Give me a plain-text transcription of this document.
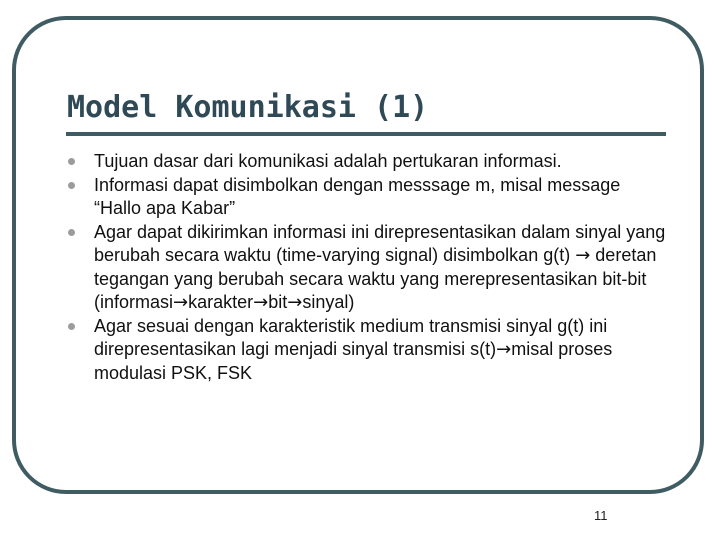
Model Komunikasi (1)
Tujuan dasar dari komunikasi adalah pertukaran informasi.
Informasi dapat disimbolkan dengan messsage m, misal message “Hallo apa Kabar”
Agar dapat dikirimkan informasi ini direpresentasikan dalam sinyal yang berubah secara waktu (time-varying signal) disimbolkan g(t) → deretan tegangan yang berubah secara waktu yang merepresentasikan bit-bit (informasi→karakter→bit→sinyal)
Agar sesuai dengan karakteristik medium transmisi sinyal g(t) ini direpresentasikan lagi menjadi sinyal transmisi s(t)→misal proses modulasi PSK, FSK
11
